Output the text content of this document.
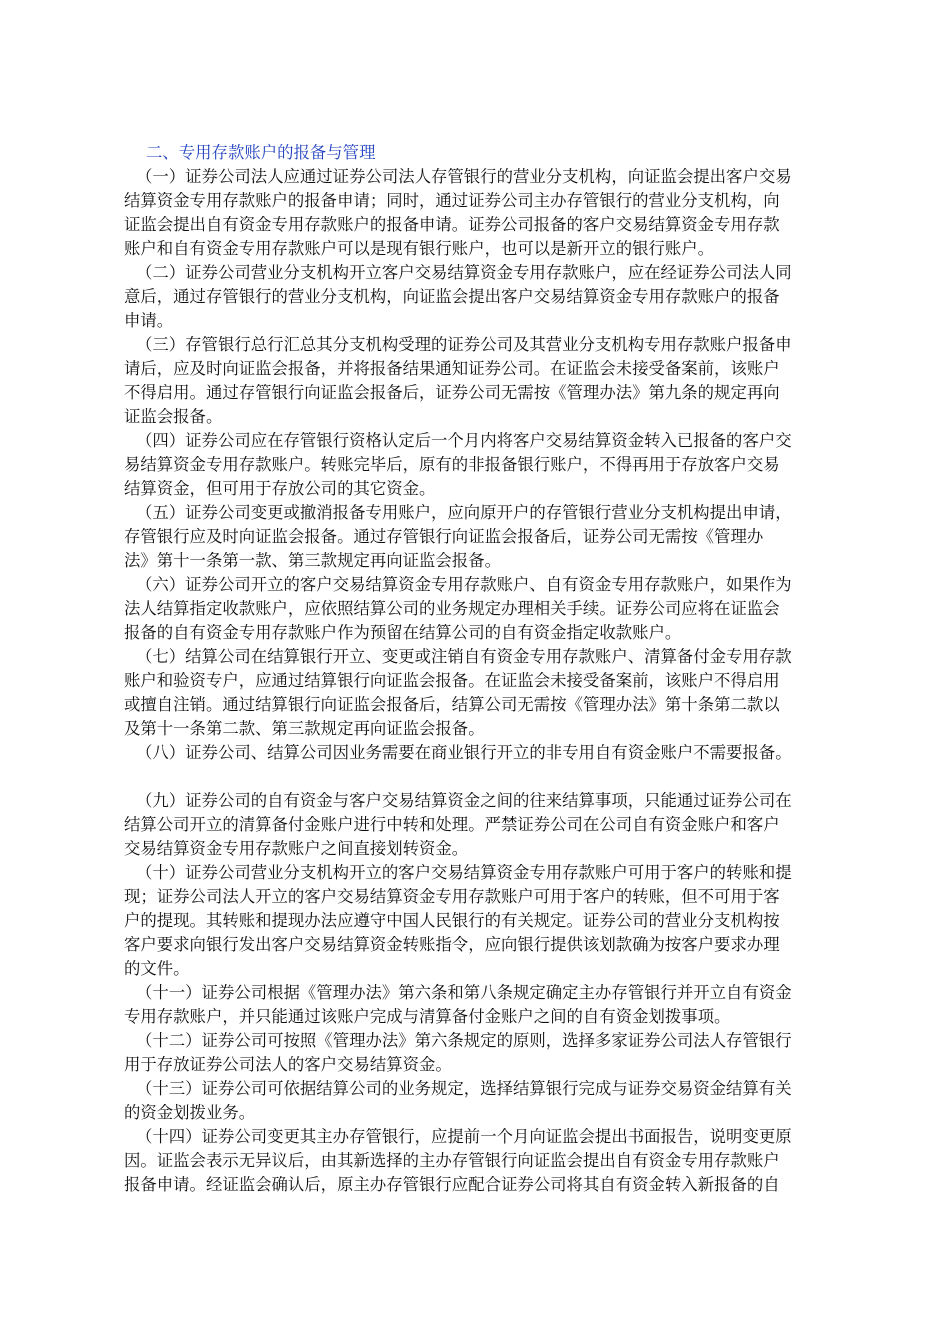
二、专用存款账户的报备与管理

（一）证券公司法人应通过证券公司法人存管银行的营业分支机构，向证监会提出客户交易
结算资金专用存款账户的报备申请；同时，通过证券公司主办存管银行的营业分支机构，向
证监会提出自有资金专用存款账户的报备申请。证券公司报备的客户交易结算资金专用存款
账户和自有资金专用存款账户可以是现有银行账户，也可以是新开立的银行账户。

（二）证券公司营业分支机构开立客户交易结算资金专用存款账户，应在经证券公司法人同
意后，通过存管银行的营业分支机构，向证监会提出客户交易结算资金专用存款账户的报备
申请。

（三）存管银行总行汇总其分支机构受理的证券公司及其营业分支机构专用存款账户报备申
请后，应及时向证监会报备，并将报备结果通知证券公司。在证监会未接受备案前，该账户
不得启用。通过存管银行向证监会报备后，证券公司无需按《管理办法》第九条的规定再向
证监会报备。

（四）证券公司应在存管银行资格认定后一个月内将客户交易结算资金转入已报备的客户交
易结算资金专用存款账户。转账完毕后，原有的非报备银行账户，不得再用于存放客户交易
结算资金，但可用于存放公司的其它资金。

（五）证券公司变更或撤消报备专用账户，应向原开户的存管银行营业分支机构提出申请，
存管银行应及时向证监会报备。通过存管银行向证监会报备后，证券公司无需按《管理办
法》第十一条第一款、第三款规定再向证监会报备。

（六）证券公司开立的客户交易结算资金专用存款账户、自有资金专用存款账户，如果作为
法人结算指定收款账户，应依照结算公司的业务规定办理相关手续。证券公司应将在证监会
报备的自有资金专用存款账户作为预留在结算公司的自有资金指定收款账户。

（七）结算公司在结算银行开立、变更或注销自有资金专用存款账户、清算备付金专用存款
账户和验资专户，应通过结算银行向证监会报备。在证监会未接受备案前，该账户不得启用
或擅自注销。通过结算银行向证监会报备后，结算公司无需按《管理办法》第十条第二款以
及第十一条第二款、第三款规定再向证监会报备。

（八）证券公司、结算公司因业务需要在商业银行开立的非专用自有资金账户不需要报备。

（九）证券公司的自有资金与客户交易结算资金之间的往来结算事项，只能通过证券公司在
结算公司开立的清算备付金账户进行中转和处理。严禁证券公司在公司自有资金账户和客户
交易结算资金专用存款账户之间直接划转资金。

（十）证券公司营业分支机构开立的客户交易结算资金专用存款账户可用于客户的转账和提
现；证券公司法人开立的客户交易结算资金专用存款账户可用于客户的转账，但不可用于客
户的提现。其转账和提现办法应遵守中国人民银行的有关规定。证券公司的营业分支机构按
客户要求向银行发出客户交易结算资金转账指令，应向银行提供该划款确为按客户要求办理
的文件。

（十一）证券公司根据《管理办法》第六条和第八条规定确定主办存管银行并开立自有资金
专用存款账户，并只能通过该账户完成与清算备付金账户之间的自有资金划拨事项。

（十二）证券公司可按照《管理办法》第六条规定的原则，选择多家证券公司法人存管银行
用于存放证券公司法人的客户交易结算资金。

（十三）证券公司可依据结算公司的业务规定，选择结算银行完成与证券交易资金结算有关
的资金划拨业务。

（十四）证券公司变更其主办存管银行，应提前一个月向证监会提出书面报告，说明变更原
因。证监会表示无异议后，由其新选择的主办存管银行向证监会提出自有资金专用存款账户
报备申请。经证监会确认后，原主办存管银行应配合证券公司将其自有资金转入新报备的自
